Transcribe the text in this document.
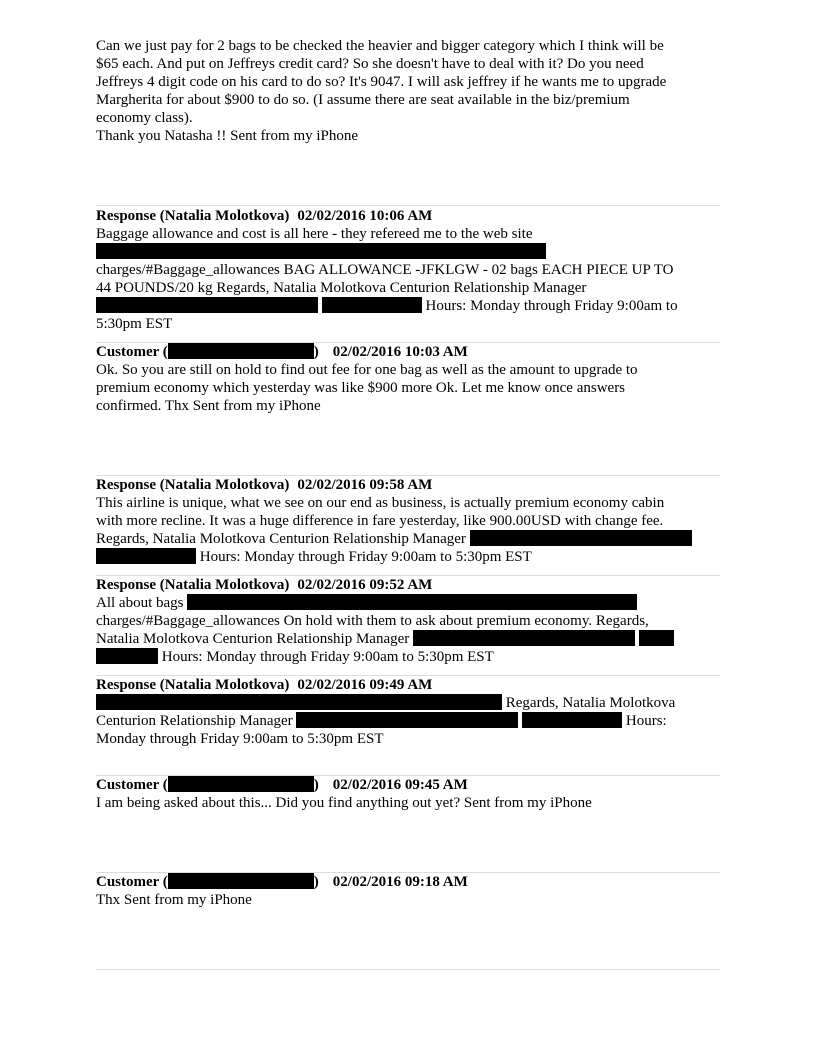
Can we just pay for 2 bags to be checked the heavier and bigger category which I think will be

$65 each. And put on Jeffreys credit card? So she doesn't have to deal with it? Do you need

Jeffreys 4 digit code on his card to do so? It's 9047. I will ask jeffrey if he wants me to upgrade

Margherita for about $900 to do so. (I assume there are seat available in the biz/premium

economy class).

Thank you Natasha !! Sent from my iPhone

Response (Natalia Molotkova) 02/02/2016 10:06 AM

Baggage allowance and cost is all here - they refereed me to the web site

charges/#Baggage_allowances BAG ALLOWANCE -JFKLGW - 02 bags EACH PIECE UP TO

44 POUNDS/20 kg Regards, Natalia Molotkova Centurion Relationship Manager

Hours: Monday through Friday 9:00am to

5:30pm EST

Customer (	) 02/02/2016 10:03 AM

Ok. So you are still on hold to find out fee for one bag as well as the amount to upgrade to

premium economy which yesterday was like $900 more Ok. Let me know once answers

confirmed. Thx Sent from my iPhone

Response (Natalia Molotkova) 02/02/2016 09:58 AM

This airline is unique, what we see on our end as business, is actually premium economy cabin

with more recline. It was a huge difference in fare yesterday, like 900.00USD with change fee.

Regards, Natalia Molotkova Centurion Relationship Manager

Hours: Monday through Friday 9:00am to 5:30pm EST

Response (Natalia Molotkova) 02/02/2016 09:52 AM

All about bags

charges/#Baggage_allowances On hold with them to ask about premium economy. Regards,

Natalia Molotkova Centurion Relationship Manager

Hours: Monday through Friday 9:00am to 5:30pm EST

Response (Natalia Molotkova) 02/02/2016 09:49 AM

Regards, Natalia Molotkova

Centurion Relationship Manager	Hours:

Monday through Friday 9:00am to 5:30pm EST

Customer (	) 02/02/2016 09:45 AM

I am being asked about this... Did you find anything out yet? Sent from my iPhone

Customer (	) 02/02/2016 09:18 AM

Thx Sent from my iPhone
